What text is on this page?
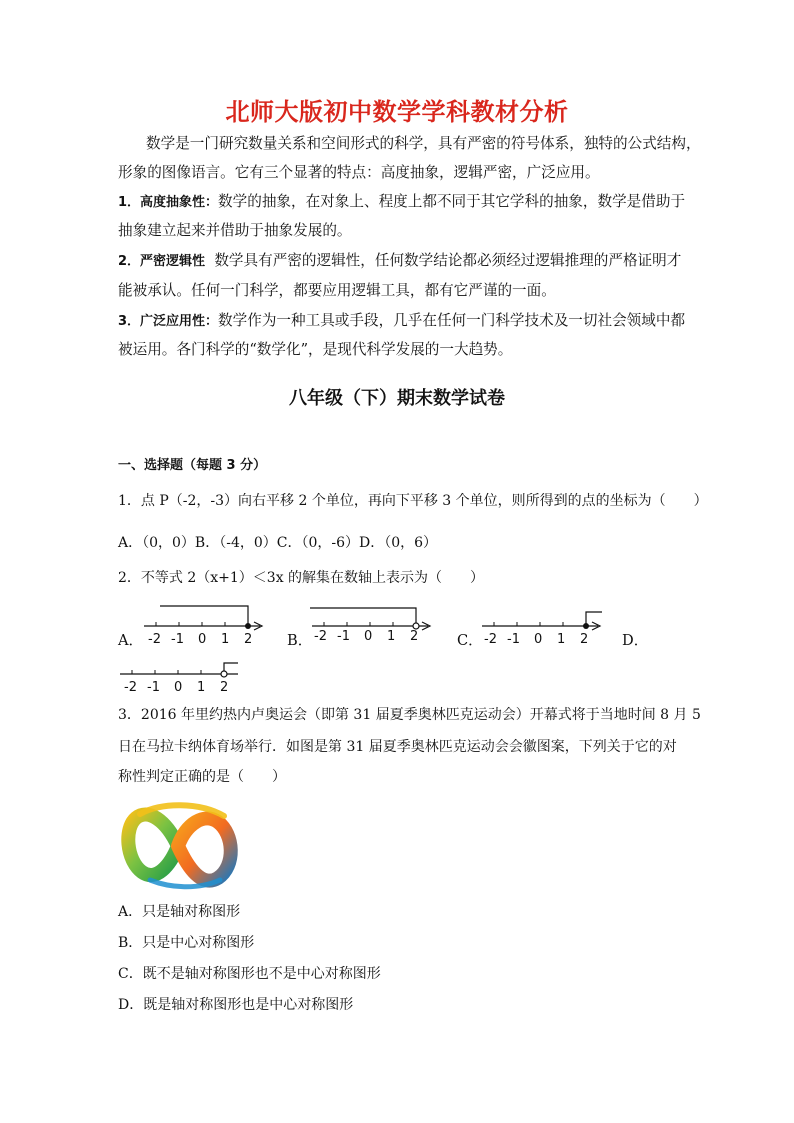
北师大版初中数学学科教材分析
数学是一门研究数量关系和空间形式的科学，具有严密的符号体系，独特的公式结构，
形象的图像语言。它有三个显著的特点：高度抽象，逻辑严密，广泛应用。
1．高度抽象性：数学的抽象，在对象上、程度上都不同于其它学科的抽象，数学是借助于
抽象建立起来并借助于抽象发展的。
2．严密逻辑性  数学具有严密的逻辑性，任何数学结论都必须经过逻辑推理的严格证明才
能被承认。任何一门科学，都要应用逻辑工具，都有它严谨的一面。
3．广泛应用性：数学作为一种工具或手段，几乎在任何一门科学技术及一切社会领域中都
被运用。各门科学的“数学化”，是现代科学发展的一大趋势。
八年级（下）期末数学试卷
一、选择题（每题 3 分）
1．点 P（-2，-3）向右平移 2 个单位，再向下平移 3 个单位，则所得到的点的坐标为（　　）
A．（0，0）B．（-4，0）C．（0，-6）D．（0，6）
2．不等式 2（x+1）＜3x 的解集在数轴上表示为（　　）
A．	B．	C．	D．
-2 -1 0 1 2	-2 -1 0 1 2	-2 -1 0 1 2
-2 -1 0 1 2
3．2016 年里约热内卢奥运会（即第 31 届夏季奥林匹克运动会）开幕式将于当地时间 8 月 5
日在马拉卡纳体育场举行．如图是第 31 届夏季奥林匹克运动会会徽图案，下列关于它的对
称性判定正确的是（　　）
A．只是轴对称图形
B．只是中心对称图形
C．既不是轴对称图形也不是中心对称图形
D．既是轴对称图形也是中心对称图形
